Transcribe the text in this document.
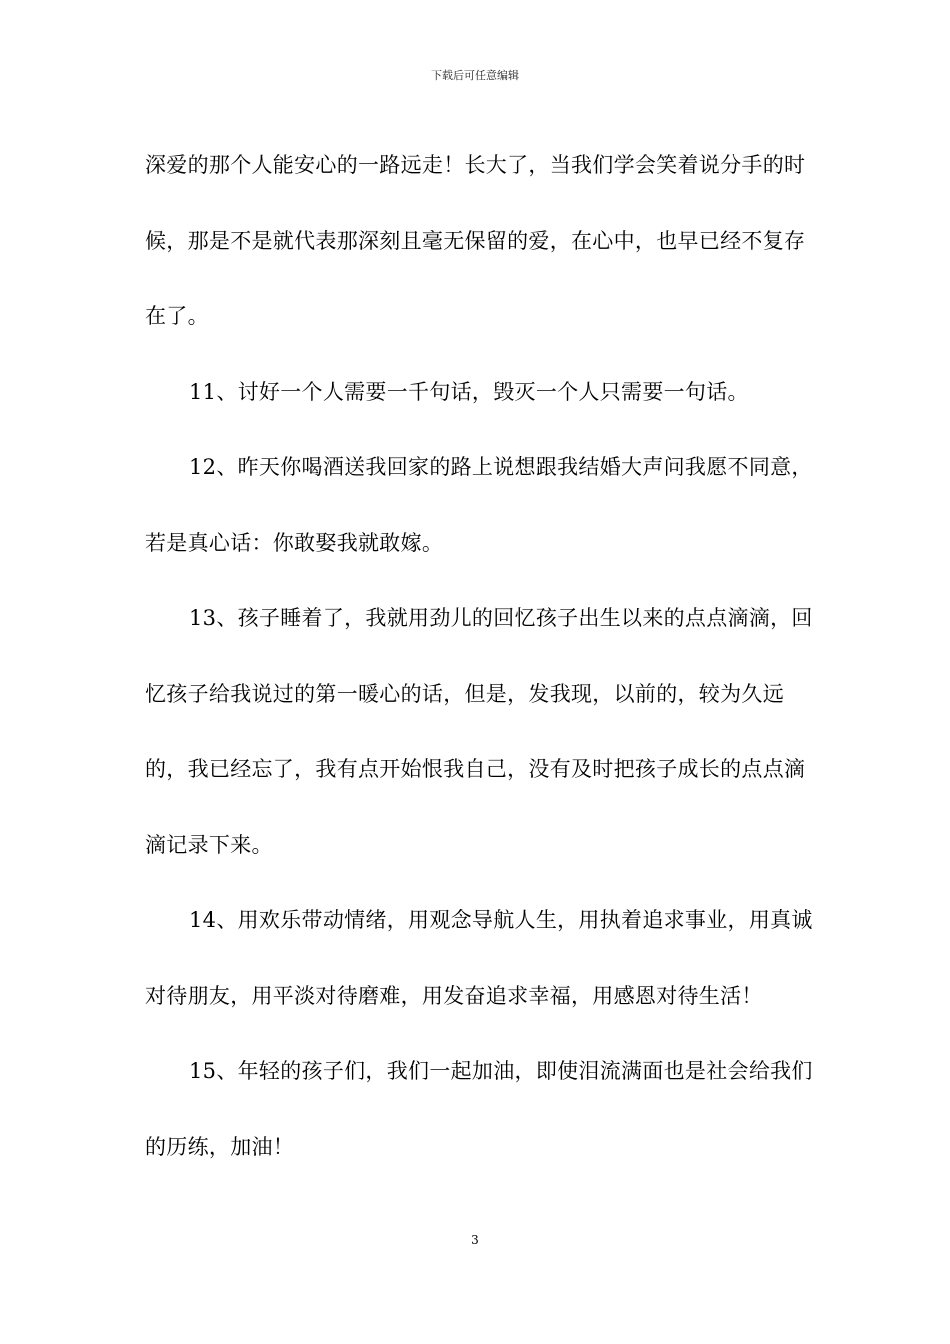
下载后可任意编辑

深爱的那个人能安心的一路远走！长大了，当我们学会笑着说分手的时候，那是不是就代表那深刻且毫无保留的爱，在心中，也早已经不复存在了。

11、讨好一个人需要一千句话，毁灭一个人只需要一句话。

12、昨天你喝酒送我回家的路上说想跟我结婚大声问我愿不同意，若是真心话：你敢娶我就敢嫁。

13、孩子睡着了，我就用劲儿的回忆孩子出生以来的点点滴滴，回忆孩子给我说过的第一暖心的话，但是，发我现，以前的，较为久远的，我已经忘了，我有点开始恨我自己，没有及时把孩子成长的点点滴滴记录下来。

14、用欢乐带动情绪，用观念导航人生，用执着追求事业，用真诚对待朋友，用平淡对待磨难，用发奋追求幸福，用感恩对待生活！

15、年轻的孩子们，我们一起加油，即使泪流满面也是社会给我们的历练，加油！

3
